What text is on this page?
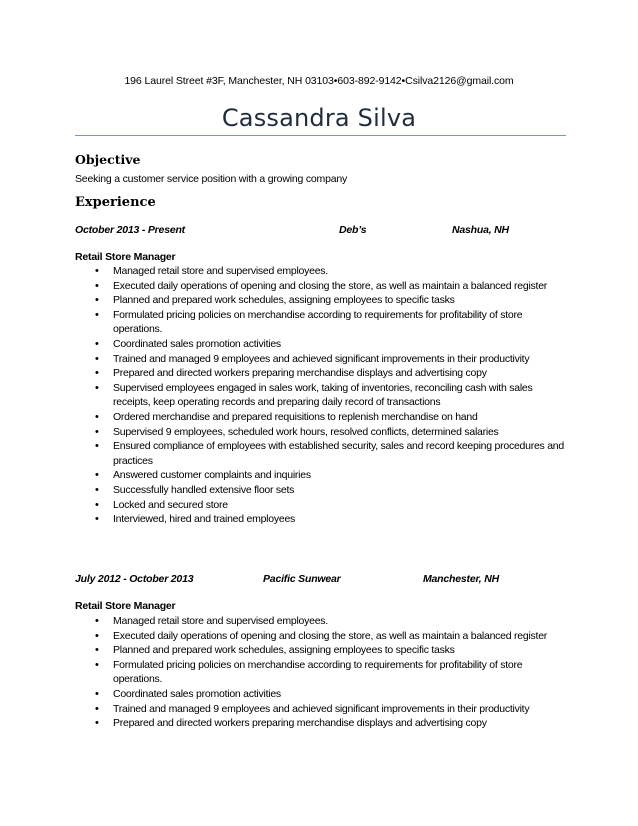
196 Laurel Street #3F, Manchester, NH 03103•603-892-9142•Csilva2126@gmail.com
Cassandra Silva
Objective
Seeking a customer service position with a growing company
Experience
October 2013 - Present	Deb’s	Nashua, NH
Retail Store Manager
• Managed retail store and supervised employees.
• Executed daily operations of opening and closing the store, as well as maintain a balanced register
• Planned and prepared work schedules, assigning employees to specific tasks
• Formulated pricing policies on merchandise according to requirements for profitability of store operations.
• Coordinated sales promotion activities
• Trained and managed 9 employees and achieved significant improvements in their productivity
• Prepared and directed workers preparing merchandise displays and advertising copy
• Supervised employees engaged in sales work, taking of inventories, reconciling cash with sales receipts, keep operating records and preparing daily record of transactions
• Ordered merchandise and prepared requisitions to replenish merchandise on hand
• Supervised 9 employees, scheduled work hours, resolved conflicts, determined salaries
• Ensured compliance of employees with established security, sales and record keeping procedures and practices
• Answered customer complaints and inquiries
• Successfully handled extensive floor sets
• Locked and secured store
• Interviewed, hired and trained employees
July 2012 - October 2013	Pacific Sunwear	Manchester, NH
Retail Store Manager
• Managed retail store and supervised employees.
• Executed daily operations of opening and closing the store, as well as maintain a balanced register
• Planned and prepared work schedules, assigning employees to specific tasks
• Formulated pricing policies on merchandise according to requirements for profitability of store operations.
• Coordinated sales promotion activities
• Trained and managed 9 employees and achieved significant improvements in their productivity
• Prepared and directed workers preparing merchandise displays and advertising copy
